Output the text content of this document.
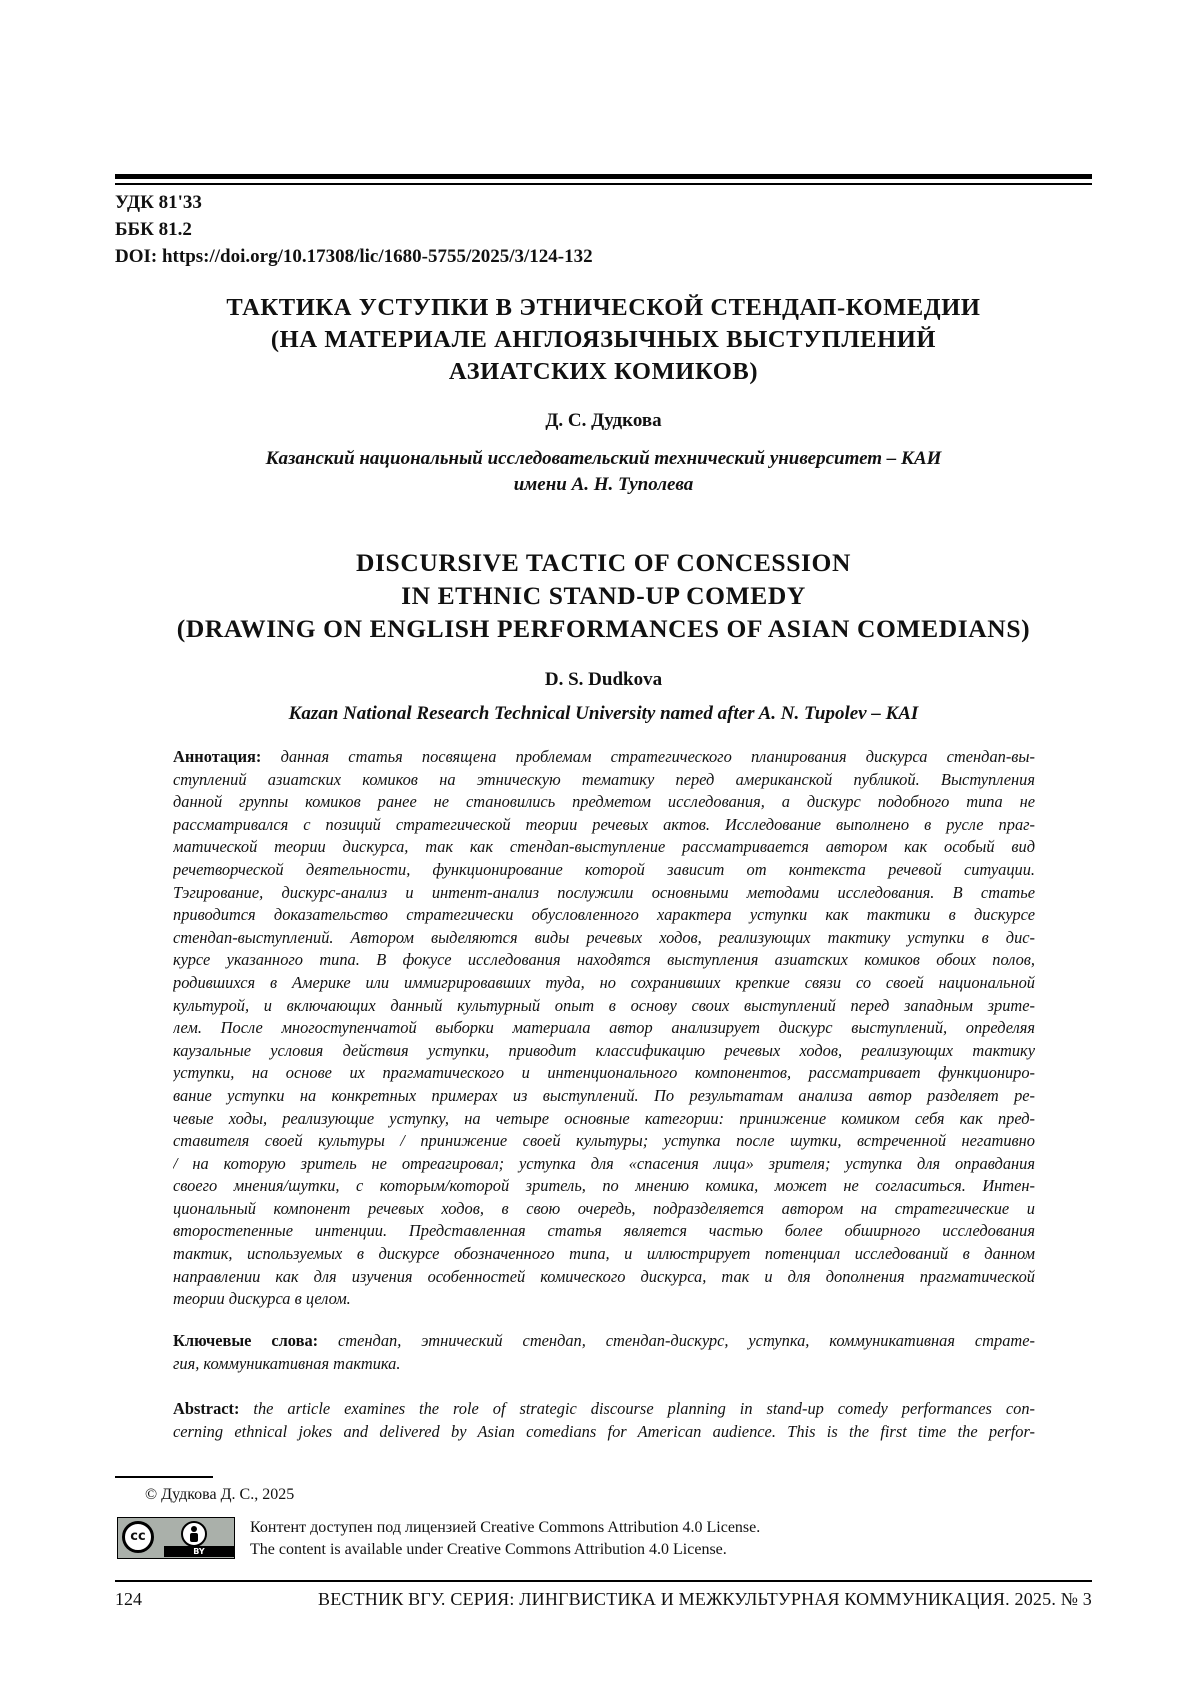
УДК 81'33
ББК 81.2
DOI: https://doi.org/10.17308/lic/1680-5755/2025/3/124-132
ТАКТИКА УСТУПКИ В ЭТНИЧЕСКОЙ СТЕНДАП-КОМЕДИИ
(НА МАТЕРИАЛЕ АНГЛОЯЗЫЧНЫХ ВЫСТУПЛЕНИЙ
АЗИАТСКИХ КОМИКОВ)
Д. С. Дудкова
Казанский национальный исследовательский технический университет – КАИ
имени А. Н. Туполева
DISCURSIVE TACTIC OF CONCESSION
IN ETHNIC STAND-UP COMEDY
(DRAWING ON ENGLISH PERFORMANCES OF ASIAN COMEDIANS)
D. S. Dudkova
Kazan National Research Technical University named after A. N. Tupolev – KAI
Аннотация: данная статья посвящена проблемам стратегического планирования дискурса стендап-вы-
ступлений азиатских комиков на этническую тематику перед американской публикой. Выступления
данной группы комиков ранее не становились предметом исследования, а дискурс подобного типа не
рассматривался с позиций стратегической теории речевых актов. Исследование выполнено в русле праг-
матической теории дискурса, так как стендап-выступление рассматривается автором как особый вид
речетворческой деятельности, функционирование которой зависит от контекста речевой ситуации.
Тэгирование, дискурс-анализ и интент-анализ послужили основными методами исследования. В статье
приводится доказательство стратегически обусловленного характера уступки как тактики в дискурсе
стендап-выступлений. Автором выделяются виды речевых ходов, реализующих тактику уступки в дис-
курсе указанного типа. В фокусе исследования находятся выступления азиатских комиков обоих полов,
родившихся в Америке или иммигрировавших туда, но сохранивших крепкие связи со своей национальной
культурой, и включающих данный культурный опыт в основу своих выступлений перед западным зрите-
лем. После многоступенчатой выборки материала автор анализирует дискурс выступлений, определяя
каузальные условия действия уступки, приводит классификацию речевых ходов, реализующих тактику
уступки, на основе их прагматического и интенционального компонентов, рассматривает функциониро-
вание уступки на конкретных примерах из выступлений. По результатам анализа автор разделяет ре-
чевые ходы, реализующие уступку, на четыре основные категории: принижение комиком себя как пред-
ставителя своей культуры / принижение своей культуры; уступка после шутки, встреченной негативно
/ на которую зритель не отреагировал; уступка для «спасения лица» зрителя; уступка для оправдания
своего мнения/шутки, с которым/которой зритель, по мнению комика, может не согласиться. Интен-
циональный компонент речевых ходов, в свою очередь, подразделяется автором на стратегические и
второстепенные интенции. Представленная статья является частью более обширного исследования
тактик, используемых в дискурсе обозначенного типа, и иллюстрирует потенциал исследований в данном
направлении как для изучения особенностей комического дискурса, так и для дополнения прагматической
теории дискурса в целом.
Ключевые слова: стендап, этнический стендап, стендап-дискурс, уступка, коммуникативная страте-
гия, коммуникативная тактика.
Abstract: the article examines the role of strategic discourse planning in stand-up comedy performances con-
cerning ethnical jokes and delivered by Asian comedians for American audience. This is the first time the perfor-
© Дудкова Д. С., 2025
cc
BY
Контент доступен под лицензией Creative Commons Attribution 4.0 License.
The content is available under Creative Commons Attribution 4.0 License.
124	ВЕСТНИК ВГУ. СЕРИЯ: ЛИНГВИСТИКА И МЕЖКУЛЬТУРНАЯ КОММУНИКАЦИЯ. 2025. № 3
